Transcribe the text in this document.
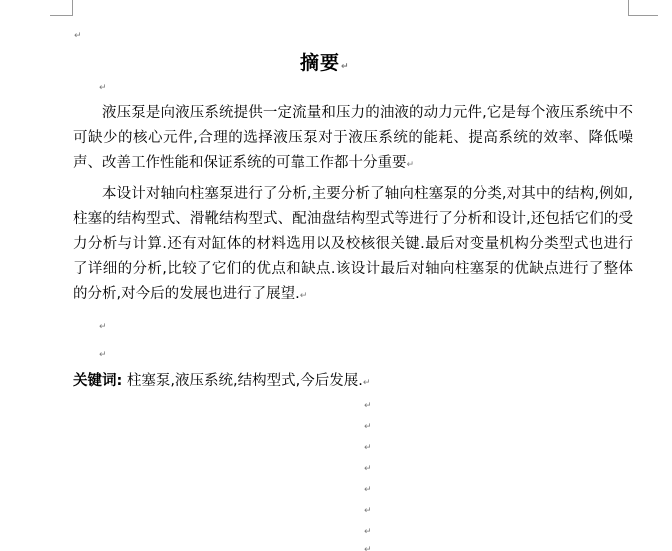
↵
摘要↵
↵
液压泵是向液压系统提供一定流量和压力的油液的动力元件,它是每个液压系统中不可缺少的核心元件,合理的选择液压泵对于液压系统的能耗、提高系统的效率、降低噪声、改善工作性能和保证系统的可靠工作都十分重要↵
本设计对轴向柱塞泵进行了分析,主要分析了轴向柱塞泵的分类,对其中的结构,例如,柱塞的结构型式、滑靴结构型式、配油盘结构型式等进行了分析和设计,还包括它们的受力分析与计算.还有对缸体的材料选用以及校核很关键.最后对变量机构分类型式也进行了详细的分析,比较了它们的优点和缺点.该设计最后对轴向柱塞泵的优缺点进行了整体的分析,对今后的发展也进行了展望.↵
↵
↵
关键词: 柱塞泵,液压系统,结构型式,今后发展.↵
↵
↵
↵
↵
↵
↵
↵
↵
